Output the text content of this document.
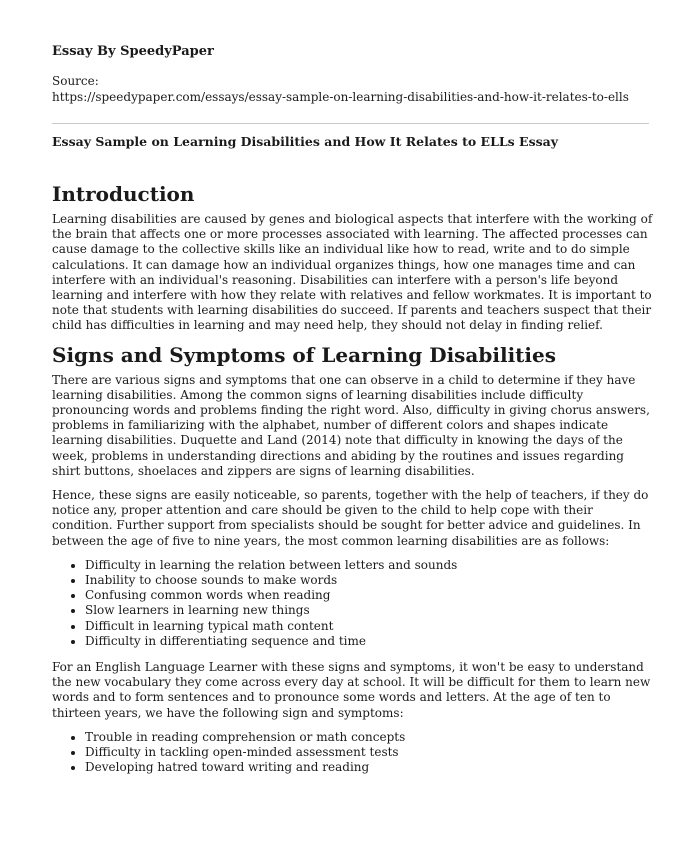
Essay By SpeedyPaper

Source:

https://speedypaper.com/essays/essay-sample-on-learning-disabilities-and-how-it-relates-to-ells

Essay Sample on Learning Disabilities and How It Relates to ELLs Essay

Introduction

Learning disabilities are caused by genes and biological aspects that interfere with the working of the brain that affects one or more processes associated with learning. The affected processes can cause damage to the collective skills like an individual like how to read, write and to do simple calculations. It can damage how an individual organizes things, how one manages time and can interfere with an individual's reasoning. Disabilities can interfere with a person's life beyond learning and interfere with how they relate with relatives and fellow workmates. It is important to note that students with learning disabilities do succeed. If parents and teachers suspect that their child has difficulties in learning and may need help, they should not delay in finding relief.

Signs and Symptoms of Learning Disabilities

There are various signs and symptoms that one can observe in a child to determine if they have learning disabilities. Among the common signs of learning disabilities include difficulty pronouncing words and problems finding the right word. Also, difficulty in giving chorus answers, problems in familiarizing with the alphabet, number of different colors and shapes indicate learning disabilities. Duquette and Land (2014) note that difficulty in knowing the days of the week, problems in understanding directions and abiding by the routines and issues regarding shirt buttons, shoelaces and zippers are signs of learning disabilities.

Hence, these signs are easily noticeable, so parents, together with the help of teachers, if they do notice any, proper attention and care should be given to the child to help cope with their condition. Further support from specialists should be sought for better advice and guidelines. In between the age of five to nine years, the most common learning disabilities are as follows:

• Difficulty in learning the relation between letters and sounds
• Inability to choose sounds to make words
• Confusing common words when reading
• Slow learners in learning new things
• Difficult in learning typical math content
• Difficulty in differentiating sequence and time

For an English Language Learner with these signs and symptoms, it won't be easy to understand the new vocabulary they come across every day at school. It will be difficult for them to learn new words and to form sentences and to pronounce some words and letters. At the age of ten to thirteen years, we have the following sign and symptoms:

• Trouble in reading comprehension or math concepts
• Difficulty in tackling open-minded assessment tests
• Developing hatred toward writing and reading
